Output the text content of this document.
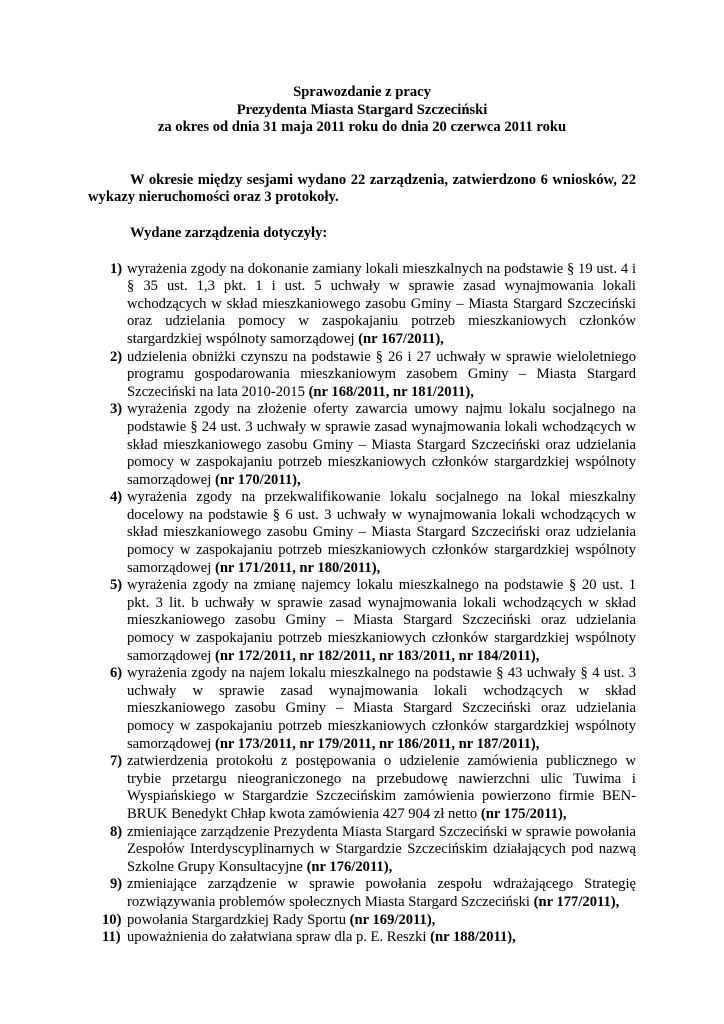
Sprawozdanie z pracy
Prezydenta Miasta Stargard Szczeciński
za okres od dnia 31 maja 2011 roku do dnia 20 czerwca 2011 roku

W okresie między sesjami wydano 22 zarządzenia, zatwierdzono 6 wniosków, 22 wykazy nieruchomości oraz 3 protokoły.

Wydane zarządzenia dotyczyły:
1) wyrażenia zgody na dokonanie zamiany lokali mieszkalnych na podstawie § 19 ust. 4 i § 35 ust. 1,3 pkt. 1 i ust. 5 uchwały w sprawie zasad wynajmowania lokali wchodzących w skład mieszkaniowego zasobu Gminy – Miasta Stargard Szczeciński oraz udzielania pomocy w zaspokajaniu potrzeb mieszkaniowych członków stargardzkiej wspólnoty samorządowej (nr 167/2011),
2) udzielenia obniżki czynszu na podstawie § 26 i 27 uchwały w sprawie wieloletniego programu gospodarowania mieszkaniowym zasobem Gminy – Miasta Stargard Szczeciński na lata 2010-2015 (nr 168/2011, nr 181/2011),
3) wyrażenia zgody na złożenie oferty zawarcia umowy najmu lokalu socjalnego na podstawie § 24 ust. 3 uchwały w sprawie zasad wynajmowania lokali wchodzących w skład mieszkaniowego zasobu Gminy – Miasta Stargard Szczeciński oraz udzielania pomocy w zaspokajaniu potrzeb mieszkaniowych członków stargardzkiej wspólnoty samorządowej (nr 170/2011),
4) wyrażenia zgody na przekwalifikowanie lokalu socjalnego na lokal mieszkalny docelowy na podstawie § 6 ust. 3 uchwały w wynajmowania lokali wchodzących w skład mieszkaniowego zasobu Gminy – Miasta Stargard Szczeciński oraz udzielania pomocy w zaspokajaniu potrzeb mieszkaniowych członków stargardzkiej wspólnoty samorządowej (nr 171/2011, nr 180/2011),
5) wyrażenia zgody na zmianę najemcy lokalu mieszkalnego na podstawie § 20 ust. 1 pkt. 3 lit. b uchwały w sprawie zasad wynajmowania lokali wchodzących w skład mieszkaniowego zasobu Gminy – Miasta Stargard Szczeciński oraz udzielania pomocy w zaspokajaniu potrzeb mieszkaniowych członków stargardzkiej wspólnoty samorządowej (nr 172/2011, nr 182/2011, nr 183/2011, nr 184/2011),
6) wyrażenia zgody na najem lokalu mieszkalnego na podstawie § 43 uchwały § 4 ust. 3 uchwały w sprawie zasad wynajmowania lokali wchodzących w skład mieszkaniowego zasobu Gminy – Miasta Stargard Szczeciński oraz udzielania pomocy w zaspokajaniu potrzeb mieszkaniowych członków stargardzkiej wspólnoty samorządowej (nr 173/2011, nr 179/2011, nr 186/2011, nr 187/2011),
7) zatwierdzenia protokołu z postępowania o udzielenie zamówienia publicznego w trybie przetargu nieograniczonego na przebudowę nawierzchni ulic Tuwima i Wyspiańskiego w Stargardzie Szczecińskim zamówienia powierzono firmie BEN-BRUK Benedykt Chłap kwota zamówienia 427 904 zł netto (nr 175/2011),
8) zmieniające zarządzenie Prezydenta Miasta Stargard Szczeciński w sprawie powołania Zespołów Interdyscyplinarnych w Stargardzie Szczecińskim działających pod nazwą Szkolne Grupy Konsultacyjne (nr 176/2011),
9) zmieniające zarządzenie w sprawie powołania zespołu wdrażającego Strategię rozwiązywania problemów społecznych Miasta Stargard Szczeciński (nr 177/2011),
10) powołania Stargardzkiej Rady Sportu (nr 169/2011),
11) upoważnienia do załatwiana spraw dla p. E. Reszki (nr 188/2011),
